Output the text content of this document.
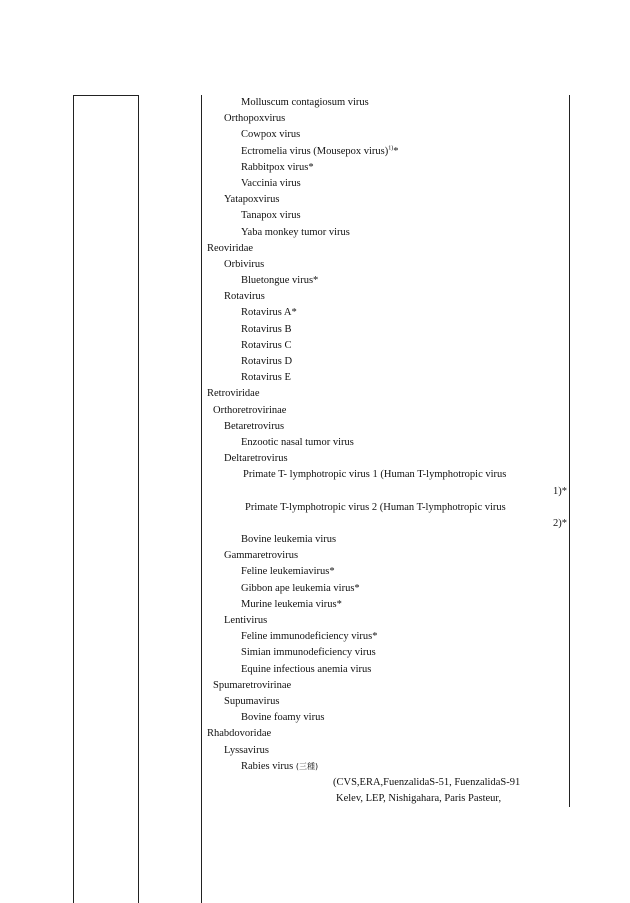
Molluscum contagiosum virus
Orthopoxvirus
Cowpox virus
Ectromelia virus (Mousepox virus)$^{1)}$*
Rabbitpox virus*
Vaccinia virus
Yatapoxvirus
Tanapox virus
Yaba monkey tumor virus
Reoviridae
Orbivirus
Bluetongue virus*
Rotavirus
Rotavirus A*
Rotavirus B
Rotavirus C
Rotavirus D
Rotavirus E
Retroviridae
Orthoretrovirinae
Betaretrovirus
Enzootic nasal tumor virus
Deltaretrovirus
Primate T- lymphotropic virus 1 (Human T-lymphotropic virus
1)*
Primate T-lymphotropic virus 2 (Human T-lymphotropic virus
2)*
Bovine leukemia virus
Gammaretrovirus
Feline leukemiavirus*
Gibbon ape leukemia virus*
Murine leukemia virus*
Lentivirus
Feline immunodeficiency virus*
Simian immunodeficiency virus
Equine infectious anemia virus
Spumaretrovirinae
Supumavirus
Bovine foamy virus
Rhabdovoridae
Lyssavirus
Rabies virus (三種)
(CVS,ERA,FuenzalidaS-51, FuenzalidaS-91
Kelev, LEP, Nishigahara, Paris Pasteur,
